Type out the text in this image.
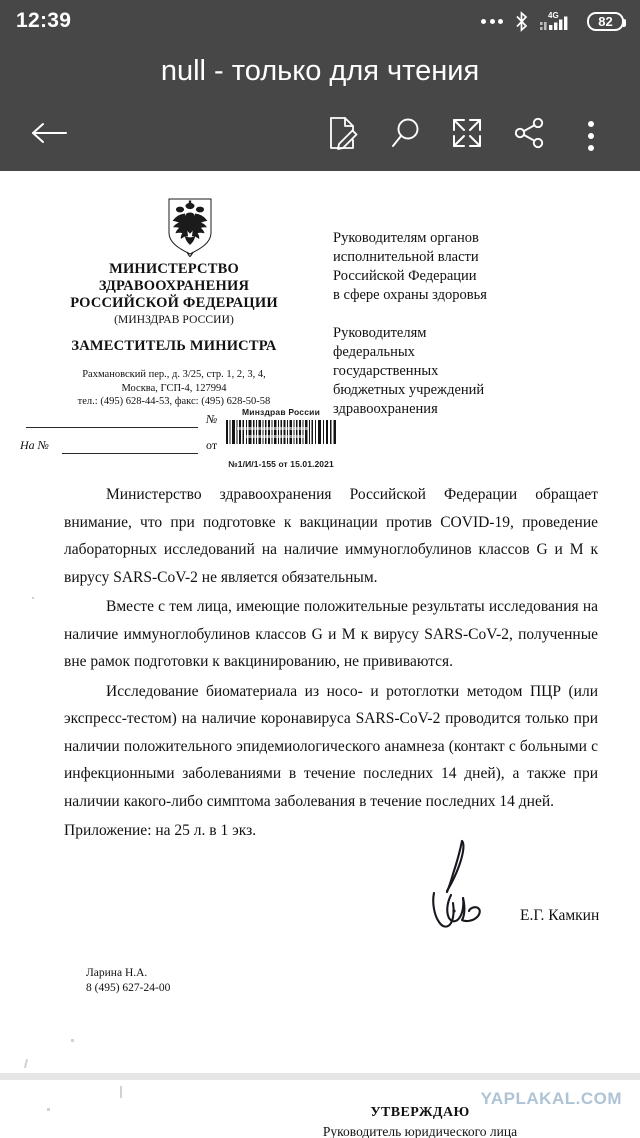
12:39	4G	82
null - только для чтения
МИНИСТЕРСТВО
ЗДРАВООХРАНЕНИЯ
РОССИЙСКОЙ ФЕДЕРАЦИИ
(МИНЗДРАВ РОССИИ)
ЗАМЕСТИТЕЛЬ МИНИСТРА
Рахмановский пер., д. 3/25, стр. 1, 2, 3, 4,
Москва, ГСП-4, 127994
тел.: (495) 628-44-53, факс: (495) 628-50-58
№
На №	от
Минздрав России
№1/И/1-155 от 15.01.2021
Руководителям органов
исполнительной власти
Российской Федерации
в сфере охраны здоровья
Руководителям
федеральных
государственных
бюджетных учреждений
здравоохранения

Министерство здравоохранения Российской Федерации обращает внимание, что при подготовке к вакцинации против COVID-19, проведение лабораторных исследований на наличие иммуноглобулинов классов G и M к вирусу SARS-CoV-2 не является обязательным.

Вместе с тем лица, имеющие положительные результаты исследования на наличие иммуноглобулинов классов G и M к вирусу SARS-CoV-2, полученные вне рамок подготовки к вакцинированию, не прививаются.

Исследование биоматериала из носо- и ротоглотки методом ПЦР (или экспресс-тестом) на наличие коронавируса SARS-CoV-2 проводится только при наличии положительного эпидемиологического анамнеза (контакт с больными с инфекционными заболеваниями в течение последних 14 дней), а также при наличии какого-либо симптома заболевания в течение последних 14 дней.

Приложение: на 25 л. в 1 экз.

Е.Г. Камкин
Ларина Н.А.
8 (495) 627-24-00
YAPLAKAL.COM
УТВЕРЖДАЮ
Руководитель юридического лица
